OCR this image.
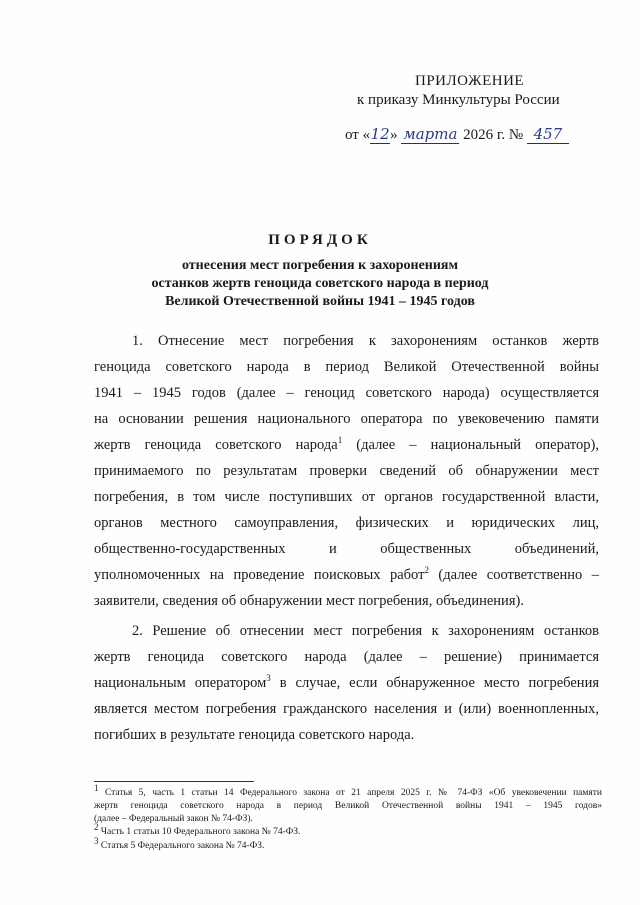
ПРИЛОЖЕНИЕ
к приказу Минкультуры России
от «12» марта 2026 г. № 457
ПОРЯДОК
отнесения мест погребения к захоронениям
останков жертв геноцида советского народа в период
Великой Отечественной войны 1941 – 1945 годов
1. Отнесение мест погребения к захоронениям останков жертв
геноцида советского народа в период Великой Отечественной войны
1941 – 1945 годов (далее – геноцид советского народа) осуществляется
на основании решения национального оператора по увековечению памяти
жертв геноцида советского народа$^1$ (далее – национальный оператор),
принимаемого по результатам проверки сведений об обнаружении мест
погребения, в том числе поступивших от органов государственной власти,
органов местного самоуправления, физических и юридических лиц,
общественно-государственных и общественных объединений,
уполномоченных на проведение поисковых работ$^2$ (далее соответственно –
заявители, сведения об обнаружении мест погребения, объединения).
2. Решение об отнесении мест погребения к захоронениям останков
жертв геноцида советского народа (далее – решение) принимается
национальным оператором$^3$ в случае, если обнаруженное место погребения
является местом погребения гражданского населения и (или) военнопленных,
погибших в результате геноцида советского народа.
$^1$ Статья 5, часть 1 статьи 14 Федерального закона от 21 апреля 2025 г. № 74-ФЗ «Об увековечении памяти
жертв геноцида советского народа в период Великой Отечественной войны 1941 – 1945 годов»
(далее – Федеральный закон № 74-ФЗ).
$^2$ Часть 1 статьи 10 Федерального закона № 74-ФЗ.
$^3$ Статья 5 Федерального закона № 74-ФЗ.
